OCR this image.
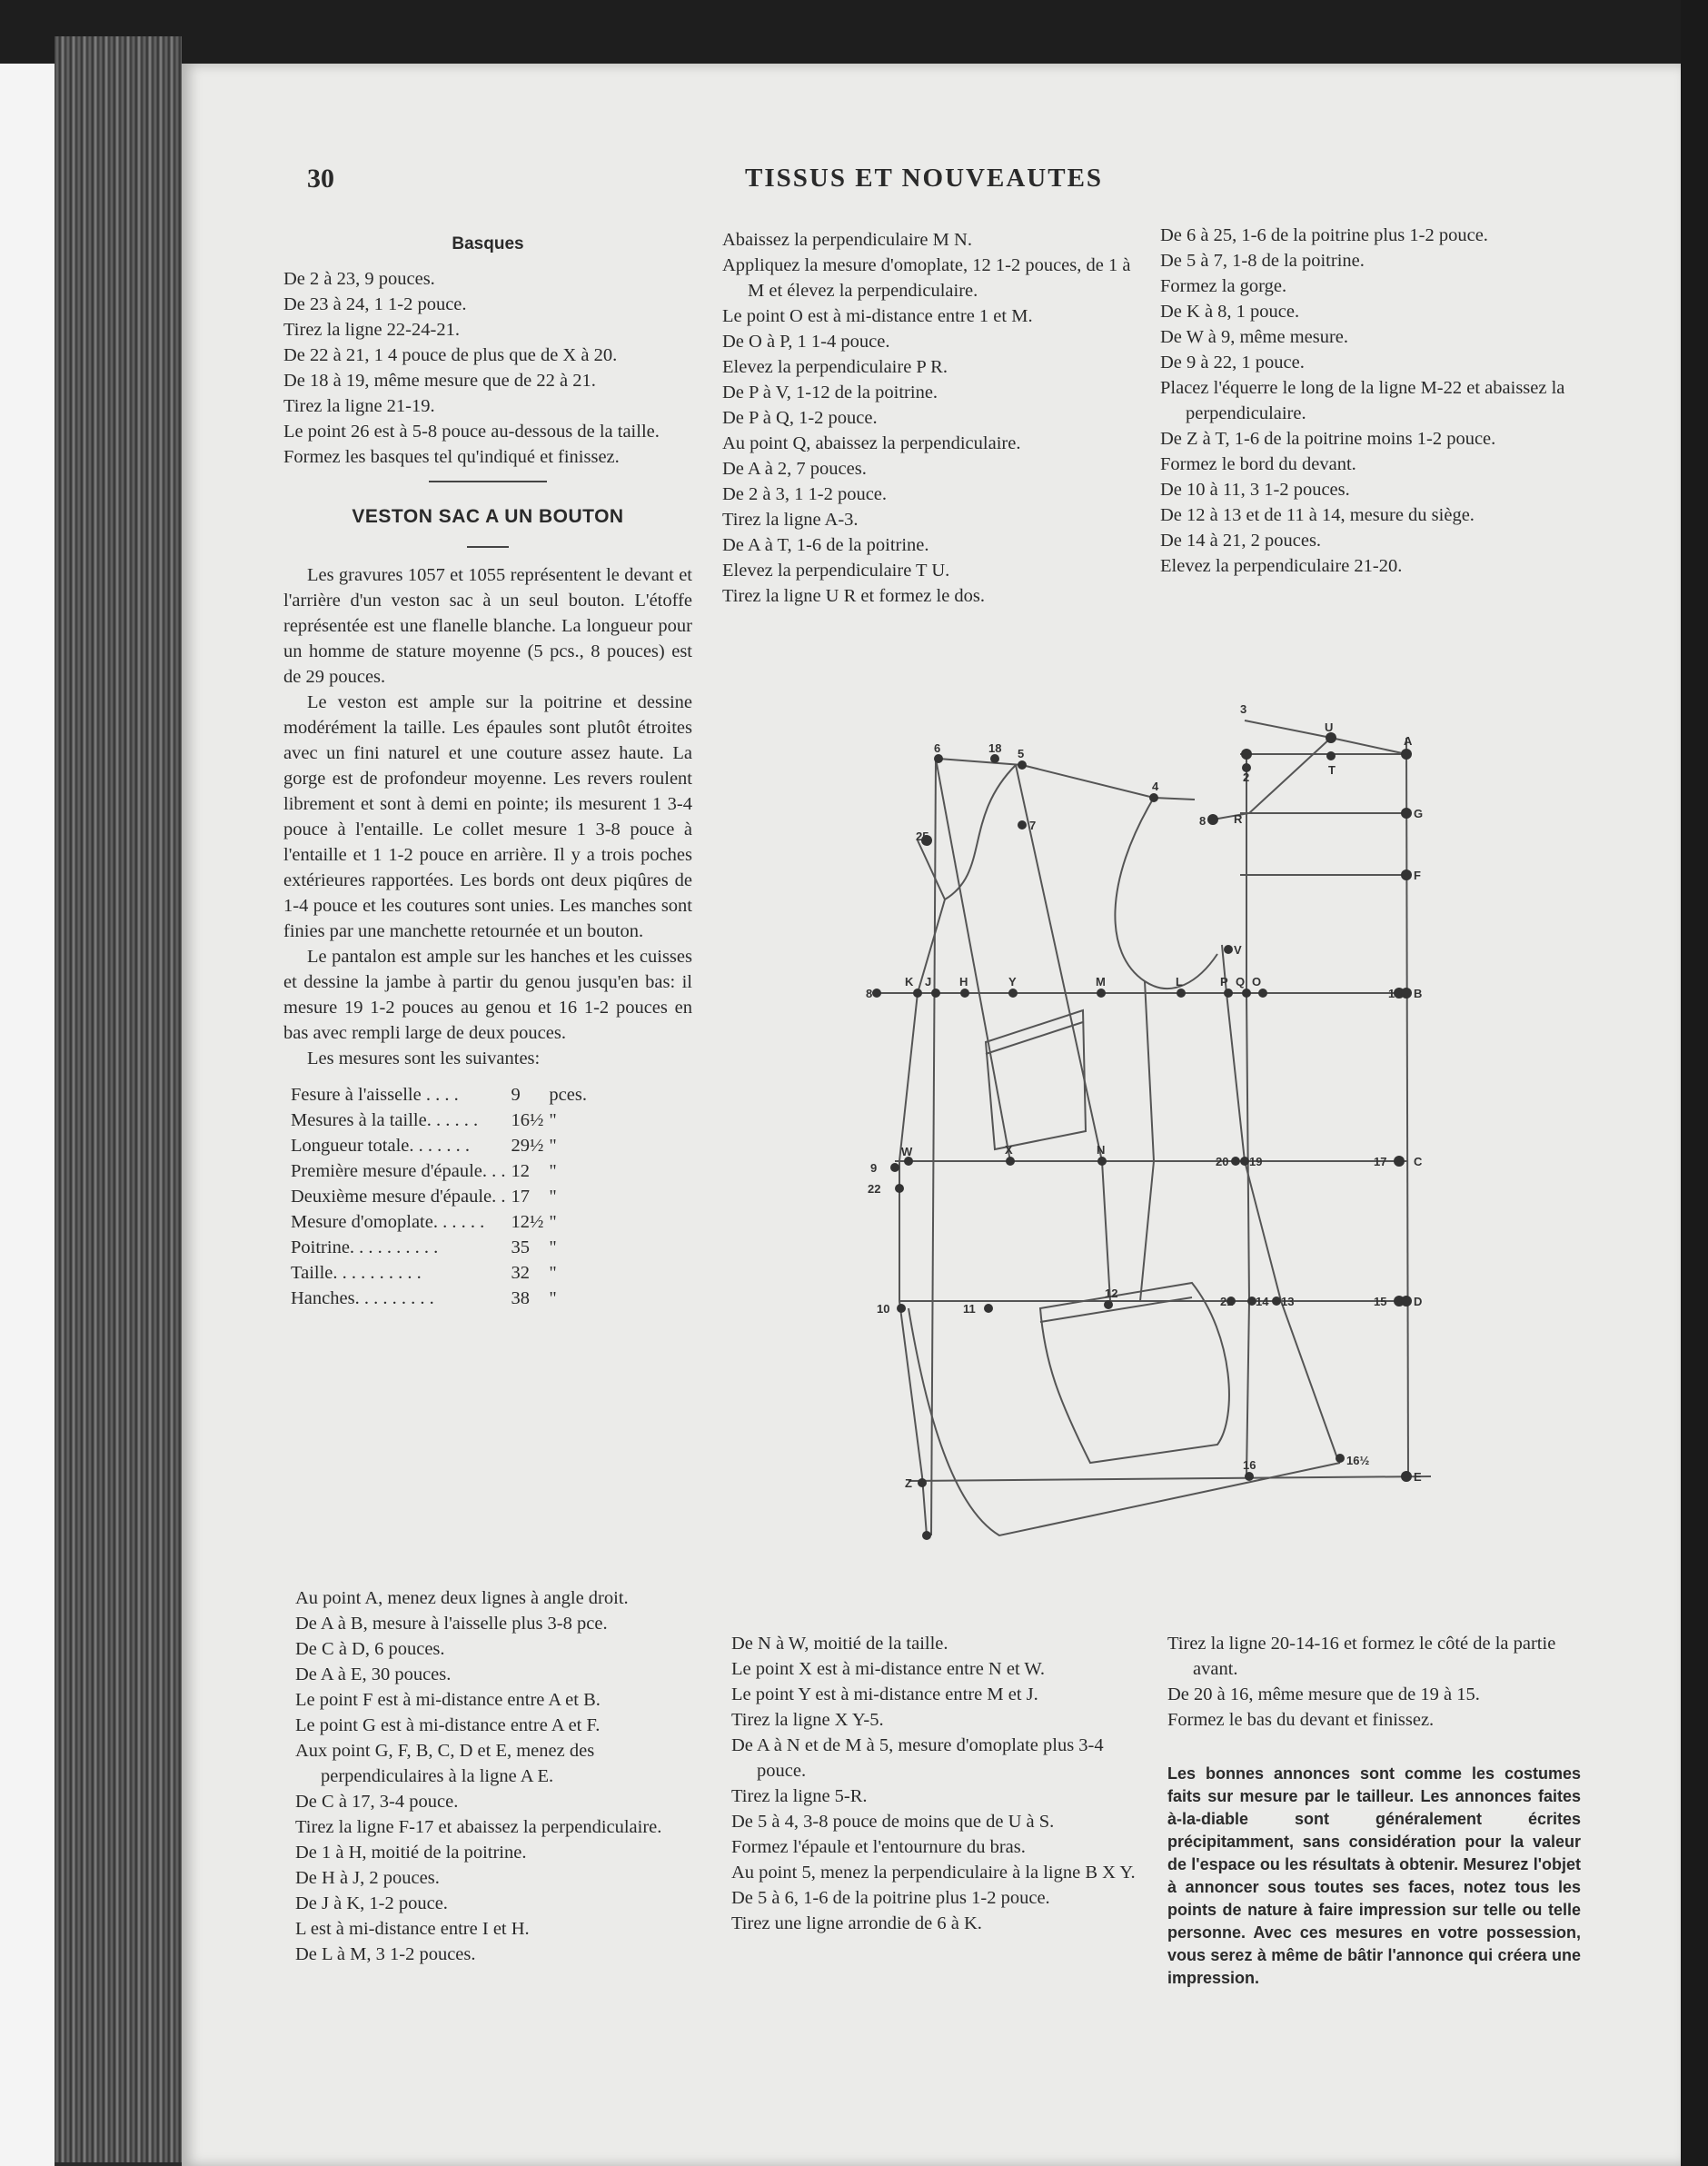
30	TISSUS ET NOUVEAUTES

Basques

De 2 à 23, 9 pouces.

De 23 à 24, 1 1-2 pouce.

Tirez la ligne 22-24-21.

De 22 à 21, 1 4 pouce de plus que de X à 20.

De 18 à 19, même mesure que de 22 à 21.

Tirez la ligne 21-19.

Le point 26 est à 5-8 pouce au-dessous de la taille.

Formez les basques tel qu'indiqué et finissez.

VESTON SAC A UN BOUTON

Les gravures 1057 et 1055 représentent le devant et l'arrière d'un veston sac à un seul bouton. L'étoffe représentée est une flanelle blanche. La longueur pour un homme de stature moyenne (5 pcs., 8 pouces) est de 29 pouces.

Le veston est ample sur la poitrine et dessine modérément la taille. Les épaules sont plutôt étroites avec un fini naturel et une couture assez haute. La gorge est de profondeur moyenne. Les revers roulent librement et sont à demi en pointe; ils mesurent 1 3-4 pouce à l'entaille. Le collet mesure 1 3-8 pouce à l'entaille et 1 1-2 pouce en arrière. Il y a trois poches extérieures rapportées. Les bords ont deux piqûres de 1-4 pouce et les coutures sont unies. Les manches sont finies par une manchette retournée et un bouton.

Le pantalon est ample sur les hanches et les cuisses et dessine la jambe à partir du genou jusqu'en bas: il mesure 19 1-2 pouces au genou et 16 1-2 pouces en bas avec rempli large de deux pouces.

Les mesures sont les suivantes:

Fesure à l'aisselle . . . .	9	pces.
Mesures à la taille. . . . . .	16½	"
Longueur totale. . . . . . .	29½	"
Première mesure d'épaule. . .	12	"
Deuxième mesure d'épaule. .	17	"
Mesure d'omoplate. . . . . .	12½	"
Poitrine. . . . . . . . . .	35	"
Taille. . . . . . . . . .	32	"
Hanches. . . . . . . . .	38	"

Abaissez la perpendiculaire M N.

Appliquez la mesure d'omoplate, 12 1-2 pouces, de 1 à M et élevez la perpendiculaire.

Le point O est à mi-distance entre 1 et M.

De O à P, 1 1-4 pouce.

Elevez la perpendiculaire P R.

De P à V, 1-12 de la poitrine.

De P à Q, 1-2 pouce.

Au point Q, abaissez la perpendiculaire.

De A à 2, 7 pouces.

De 2 à 3, 1 1-2 pouce.

Tirez la ligne A-3.

De A à T, 1-6 de la poitrine.

Elevez la perpendiculaire T U.

Tirez la ligne U R et formez le dos.

De 6 à 25, 1-6 de la poitrine plus 1-2 pouce.

De 5 à 7, 1-8 de la poitrine.

Formez la gorge.

De K à 8, 1 pouce.

De W à 9, même mesure.

De 9 à 22, 1 pouce.

Placez l'équerre le long de la ligne M-22 et abaissez la perpendiculaire.

De Z à T, 1-6 de la poitrine moins 1-2 pouce.

Formez le bord du devant.

De 10 à 11, 3 1-2 pouces.

De 12 à 13 et de 11 à 14, mesure du siège.

De 14 à 21, 2 pouces.

Elevez la perpendiculaire 21-20.

3
U
A
2
T
G
8 R
F
V
P Q O
1 B
17 C
15 D
E
20 19
21 14 13
16	16½
6	18 5
4
25
7
8
K J H	Y	M	L
9
W	X	N
22
10	11
12
Z

Au point A, menez deux lignes à angle droit.

De A à B, mesure à l'aisselle plus 3-8 pce.

De C à D, 6 pouces.

De A à E, 30 pouces.

Le point F est à mi-distance entre A et B.

Le point G est à mi-distance entre A et F.

Aux point G, F, B, C, D et E, menez des perpendiculaires à la ligne A E.

De C à 17, 3-4 pouce.

Tirez la ligne F-17 et abaissez la perpendiculaire.

De 1 à H, moitié de la poitrine.

De H à J, 2 pouces.

De J à K, 1-2 pouce.

L est à mi-distance entre I et H.

De L à M, 3 1-2 pouces.

De N à W, moitié de la taille.

Le point X est à mi-distance entre N et W.

Le point Y est à mi-distance entre M et J.

Tirez la ligne X Y-5.

De A à N et de M à 5, mesure d'omoplate plus 3-4 pouce.

Tirez la ligne 5-R.

De 5 à 4, 3-8 pouce de moins que de U à S.

Formez l'épaule et l'entournure du bras.

Au point 5, menez la perpendiculaire à la ligne B X Y.

De 5 à 6, 1-6 de la poitrine plus 1-2 pouce.

Tirez une ligne arrondie de 6 à K.

Tirez la ligne 20-14-16 et formez le côté de la partie avant.

De 20 à 16, même mesure que de 19 à 15.

Formez le bas du devant et finissez.

Les bonnes annonces sont comme les costumes faits sur mesure par le tailleur. Les annonces faites à-la-diable sont généralement écrites précipitamment, sans considération pour la valeur de l'espace ou les résultats à obtenir. Mesurez l'objet à annoncer sous toutes ses faces, notez tous les points de nature à faire impression sur telle ou telle personne. Avec ces mesures en votre possession, vous serez à même de bâtir l'annonce qui créera une impression.
